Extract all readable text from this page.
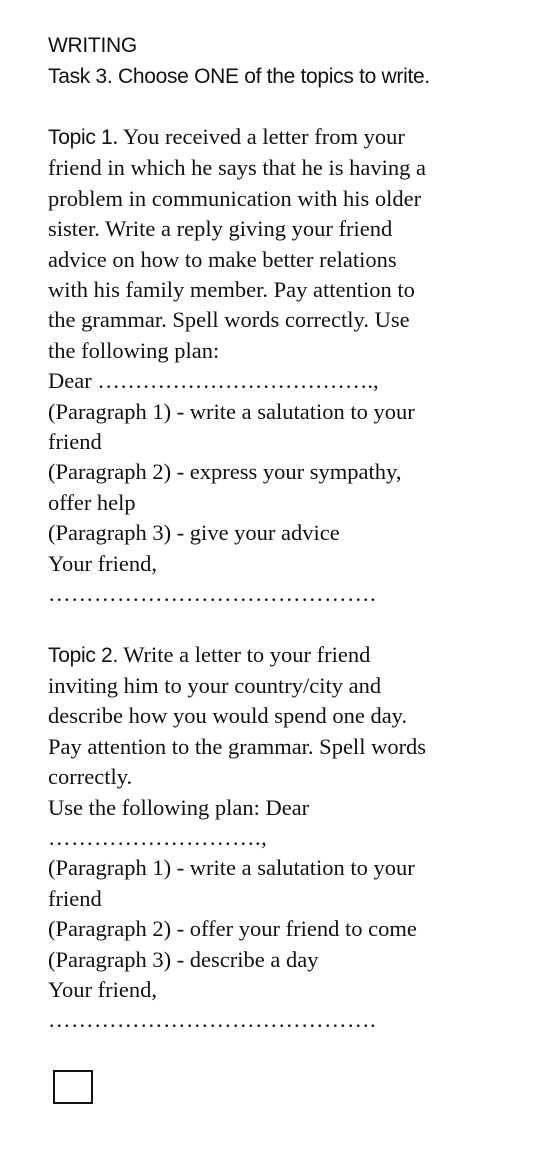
WRITING
Task 3. Choose ONE of the topics to write.
Topic 1. You received a letter from your
friend in which he says that he is having a
problem in communication with his older
sister. Write a reply giving your friend
advice on how to make better relations
with his family member. Pay attention to
the grammar. Spell words correctly. Use
the following plan:
Dear ……………………………….,
(Paragraph 1) - write a salutation to your
friend
(Paragraph 2) - express your sympathy,
offer help
(Paragraph 3) - give your advice
Your friend,
…………………………………….
Topic 2. Write a letter to your friend
inviting him to your country/city and
describe how you would spend one day.
Pay attention to the grammar. Spell words
correctly.
Use the following plan: Dear
……………………….,
(Paragraph 1) - write a salutation to your
friend
(Paragraph 2) - offer your friend to come
(Paragraph 3) - describe a day
Your friend,
…………………………………….
